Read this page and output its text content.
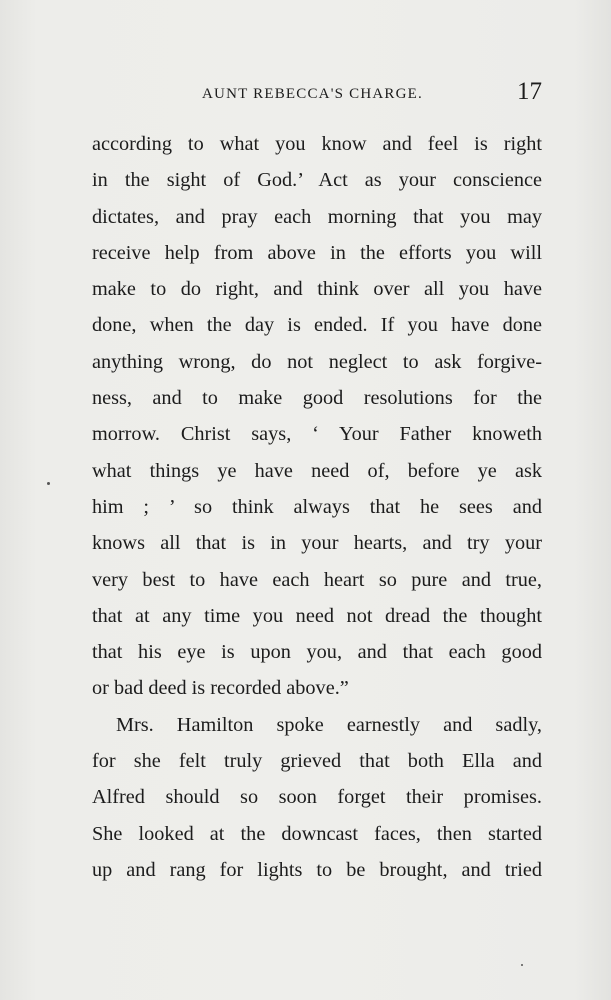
AUNT REBECCA'S CHARGE.	17
according to what you know and feel is right
in the sight of God.’ Act as your conscience
dictates, and pray each morning that you may
receive help from above in the efforts you will
make to do right, and think over all you have
done, when the day is ended. If you have done
anything wrong, do not neglect to ask forgive-
ness, and to make good resolutions for the
morrow. Christ says, ‘ Your Father knoweth
what things ye have need of, before ye ask
him ; ’ so think always that he sees and
knows all that is in your hearts, and try your
very best to have each heart so pure and true,
that at any time you need not dread the thought
that his eye is upon you, and that each good
or bad deed is recorded above.”
Mrs. Hamilton spoke earnestly and sadly,
for she felt truly grieved that both Ella and
Alfred should so soon forget their promises.
She looked at the downcast faces, then started
up and rang for lights to be brought, and tried
